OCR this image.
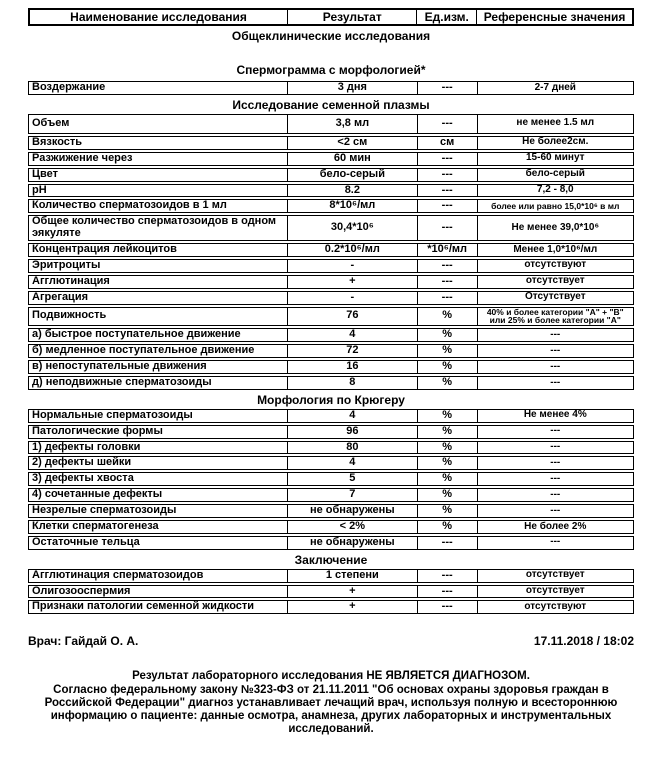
Наименование исследования	Результат	Ед.изм.	Референсные значения
Общеклинические исследования
Спермограмма с морфологией*
Воздержание	3 дня	---	2-7 дней
Исследование семенной плазмы
Объем	3,8 мл	---	не менее 1.5 мл
Вязкость	<2 см	см	Не более2см.
Разжижение через	60 мин	---	15-60 минут
Цвет	бело-серый	---	бело-серый
pH	8.2	---	7,2 - 8,0
Количество сперматозоидов в 1 мл	8*10⁶/мл	---	более или равно 15,0*10⁶ в мл
Общее количество сперматозоидов в одном эякуляте	30,4*10⁶	---	Не менее 39,0*10⁶
Концентрация лейкоцитов	0.2*10⁶/мл	*10⁶/мл	Менее 1,0*10⁶/мл
Эритроциты	-	---	отсутствуют
Агглютинация	+	---	отсутствует
Агрегация	-	---	Отсутствует
Подвижность	76	%	40% и более категории "А" + "В" или 25% и более категории "А"
а) быстрое поступательное движение	4	%	---
б) медленное поступательное движение	72	%	---
в) непоступательные движения	16	%	---
д) неподвижные сперматозоиды	8	%	---
Морфология по Крюгеру
Нормальные сперматозоиды	4	%	Не менее 4%
Патологические формы	96	%	---
1) дефекты головки	80	%	---
2) дефекты шейки	4	%	---
3) дефекты хвоста	5	%	---
4) сочетанные дефекты	7	%	---
Незрелые сперматозоиды	не обнаружены	%	---
Клетки сперматогенеза	< 2%	%	Не более 2%
Остаточные тельца	не обнаружены	---	---
Заключение
Агглютинация сперматозоидов	1 степени	---	отсутствует
Олигозооспермия	+	---	отсутствует
Признаки патологии семенной жидкости	+	---	отсутствуют
Врач: Гайдай О. А.	17.11.2018 / 18:02
Результат лабораторного исследования НЕ ЯВЛЯЕТСЯ ДИАГНОЗОМ.
Согласно федеральному закону №323-ФЗ от 21.11.2011 "Об основах охраны здоровья граждан в Российской Федерации" диагноз устанавливает лечащий врач, используя полную и всестороннюю информацию о пациенте: данные осмотра, анамнеза, других лабораторных и инструментальных исследований.
